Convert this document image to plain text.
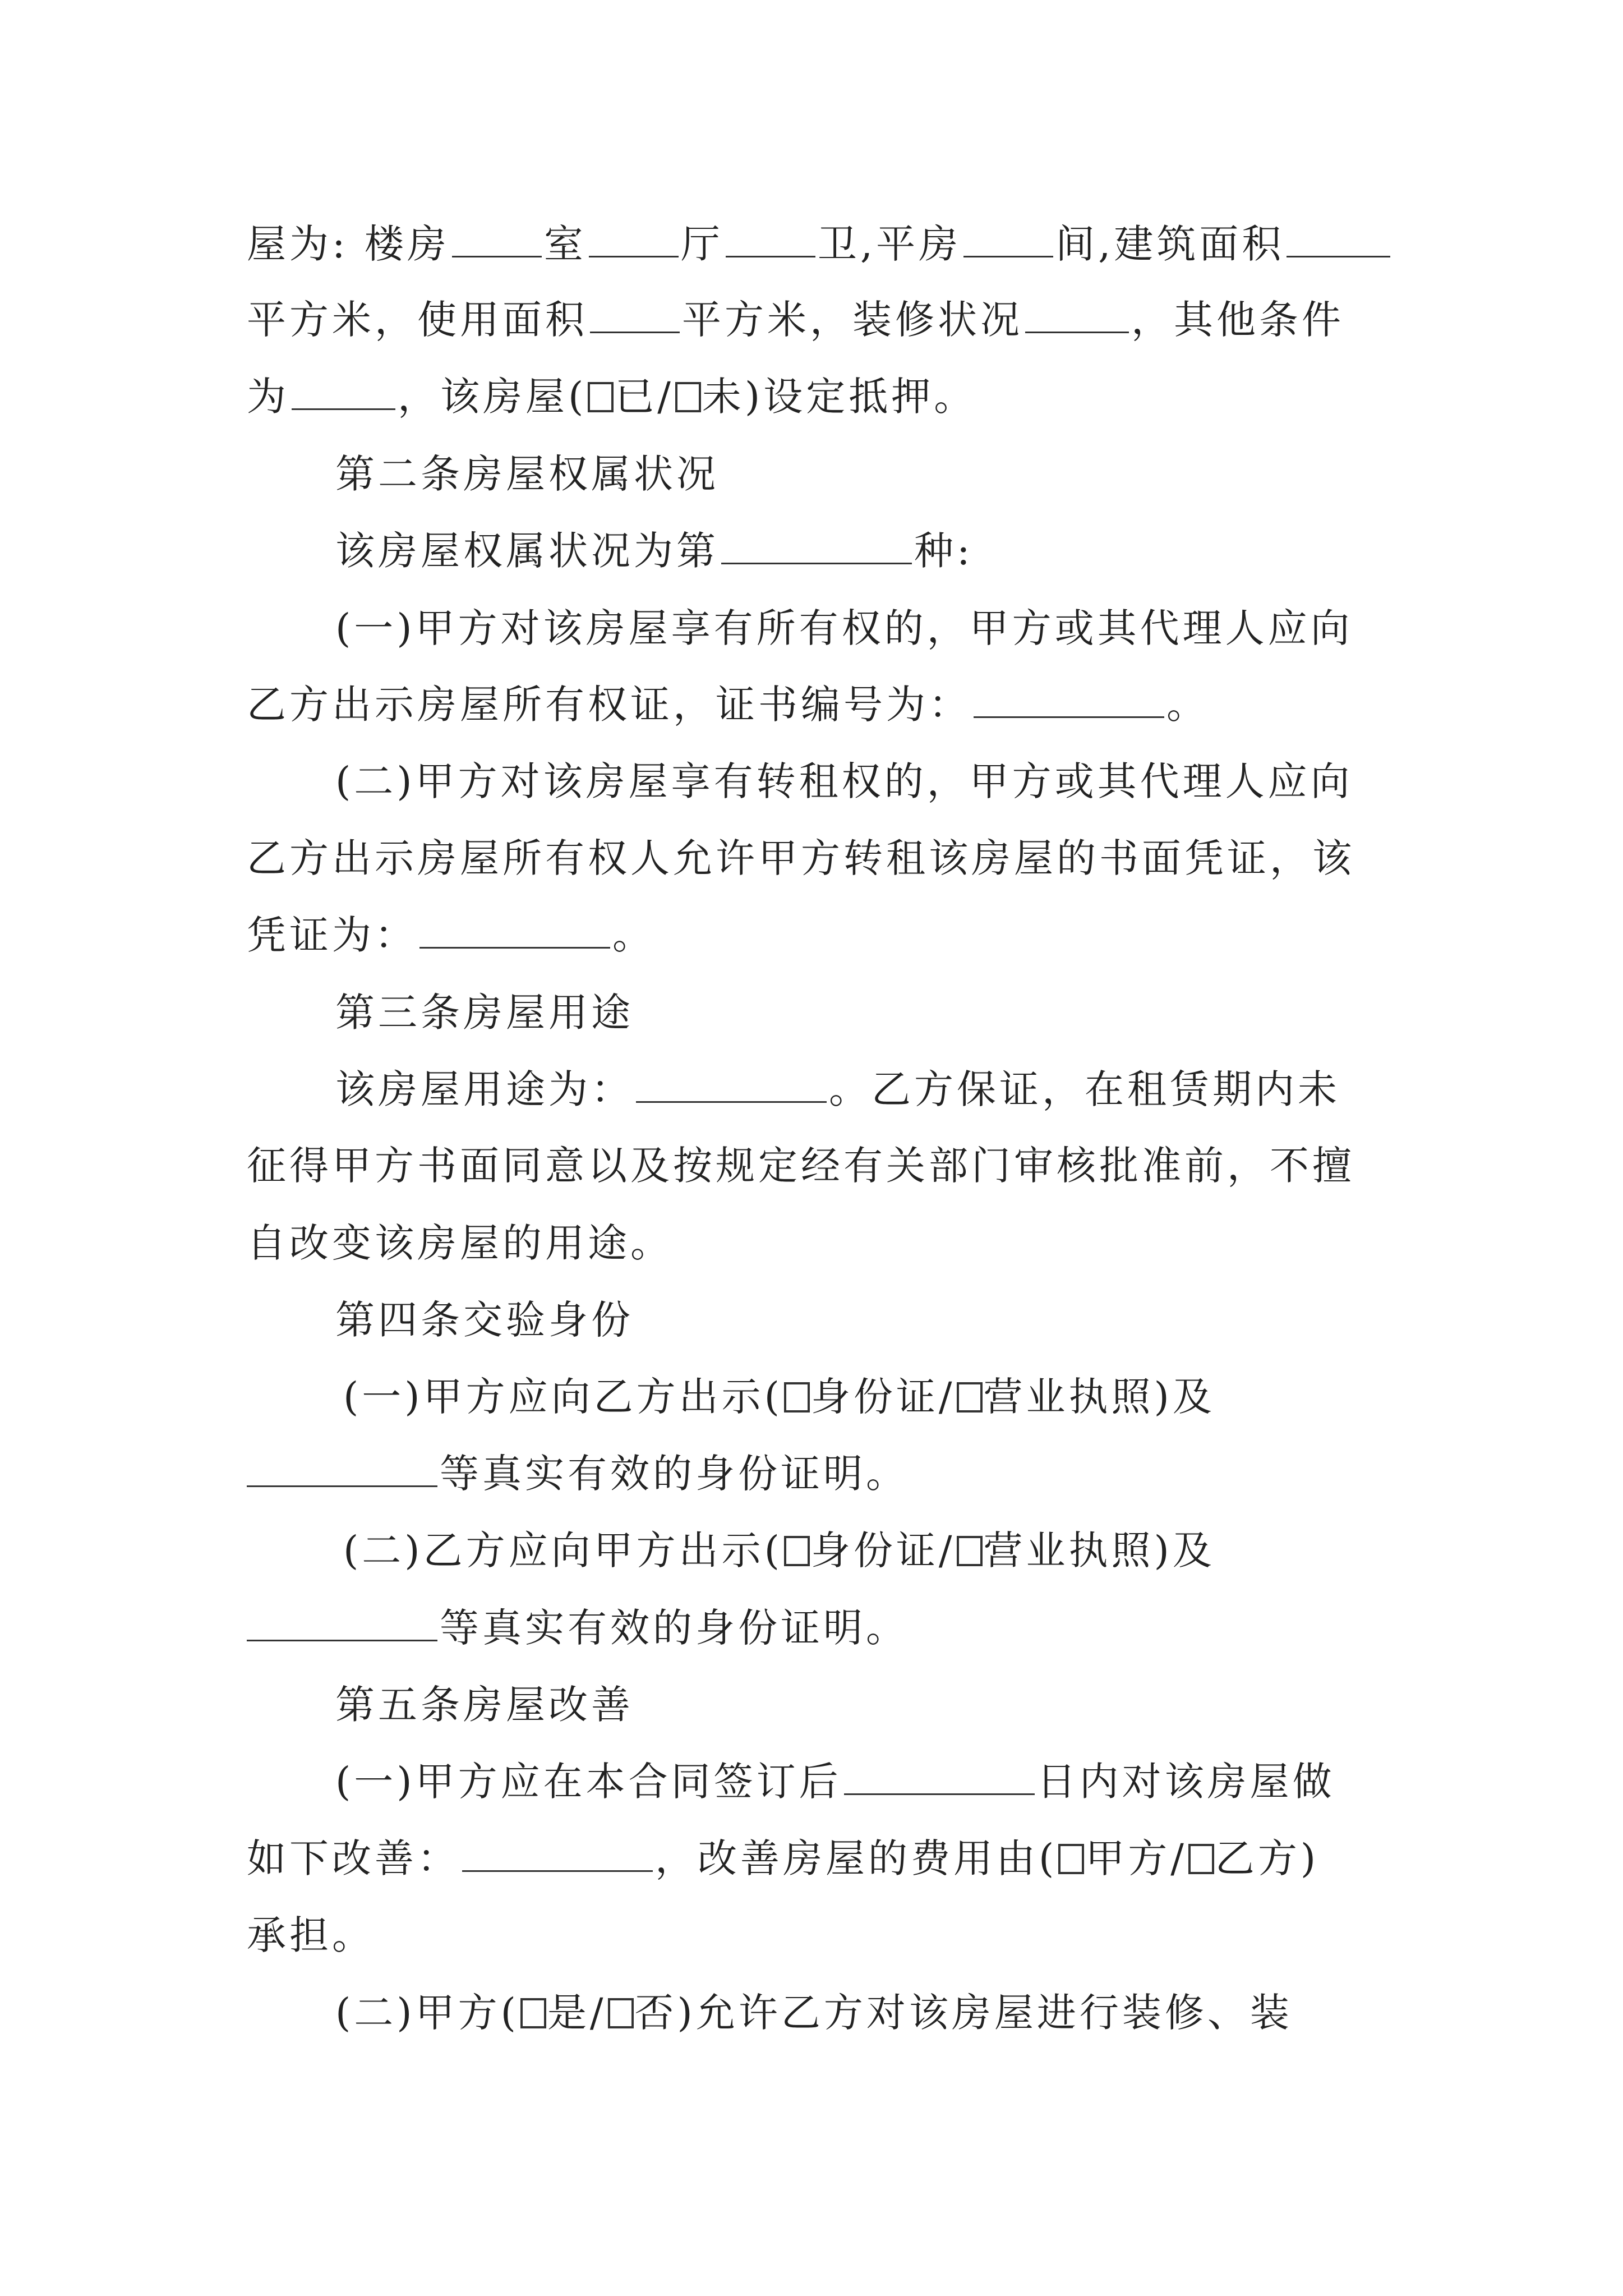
屋为: 楼房 室 厅 卫,平房 间,建筑面积
平方米，使用面积 平方米，装修状况	，其他条件
为	，该房屋( 已/ 未)设定抵押。
第二条房屋权属状况
该房屋权属状况为第	种:
(一)甲方对该房屋享有所有权的，甲方或其代理人应向
乙方出示房屋所有权证，证书编号为：	。
(二)甲方对该房屋享有转租权的，甲方或其代理人应向
乙方出示房屋所有权人允许甲方转租该房屋的书面凭证，该
凭证为：	。
第三条房屋用途
该房屋用途为：	。乙方保证，在租赁期内未
征得甲方书面同意以及按规定经有关部门审核批准前，不擅
自改变该房屋的用途。
第四条交验身份
(一)甲方应向乙方出示( 身份证/ 营业执照)及
等真实有效的身份证明。
(二)乙方应向甲方出示( 身份证/ 营业执照)及
等真实有效的身份证明。
第五条房屋改善
(一)甲方应在本合同签订后	日内对该房屋做
如下改善：	，改善房屋的费用由( 甲方/ 乙方)
承担。
(二)甲方( 是/ 否)允许乙方对该房屋进行装修、装
